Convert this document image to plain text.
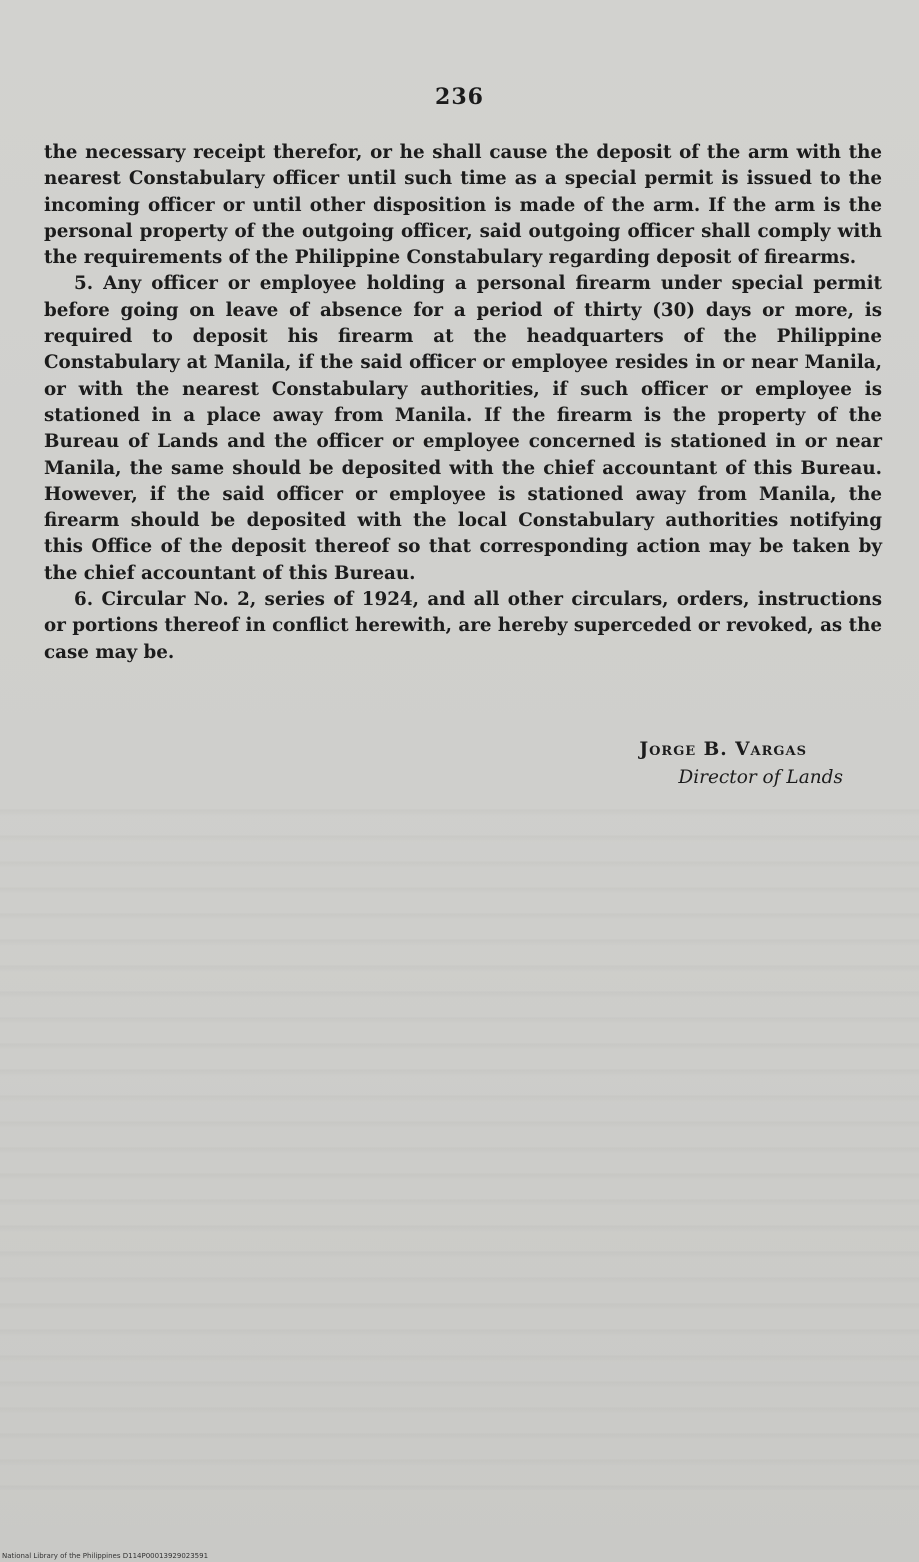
236

the necessary receipt therefor, or he shall cause the deposit of the arm with the nearest Constabulary officer until such time as a special permit is issued to the incoming officer or until other disposition is made of the arm. If the arm is the personal property of the outgoing officer, said outgoing officer shall comply with the requirements of the Philippine Constabulary regarding deposit of firearms.

5. Any officer or employee holding a personal firearm under special permit before going on leave of absence for a period of thirty (30) days or more, is required to deposit his firearm at the headquarters of the Philippine Constabulary at Manila, if the said officer or employee resides in or near Manila, or with the nearest Constabulary authorities, if such officer or employee is stationed in a place away from Manila. If the firearm is the property of the Bureau of Lands and the officer or employee concerned is stationed in or near Manila, the same should be deposited with the chief accountant of this Bureau. However, if the said officer or employee is stationed away from Manila, the firearm should be deposited with the local Constabulary authorities notifying this Office of the deposit thereof so that corresponding action may be taken by the chief accountant of this Bureau.

6. Circular No. 2, series of 1924, and all other circulars, orders, instructions or portions thereof in conflict herewith, are hereby superceded or revoked, as the case may be.

Jorge B. Vargas
Director of Lands
National Library of the Philippines D114P00013929023591
